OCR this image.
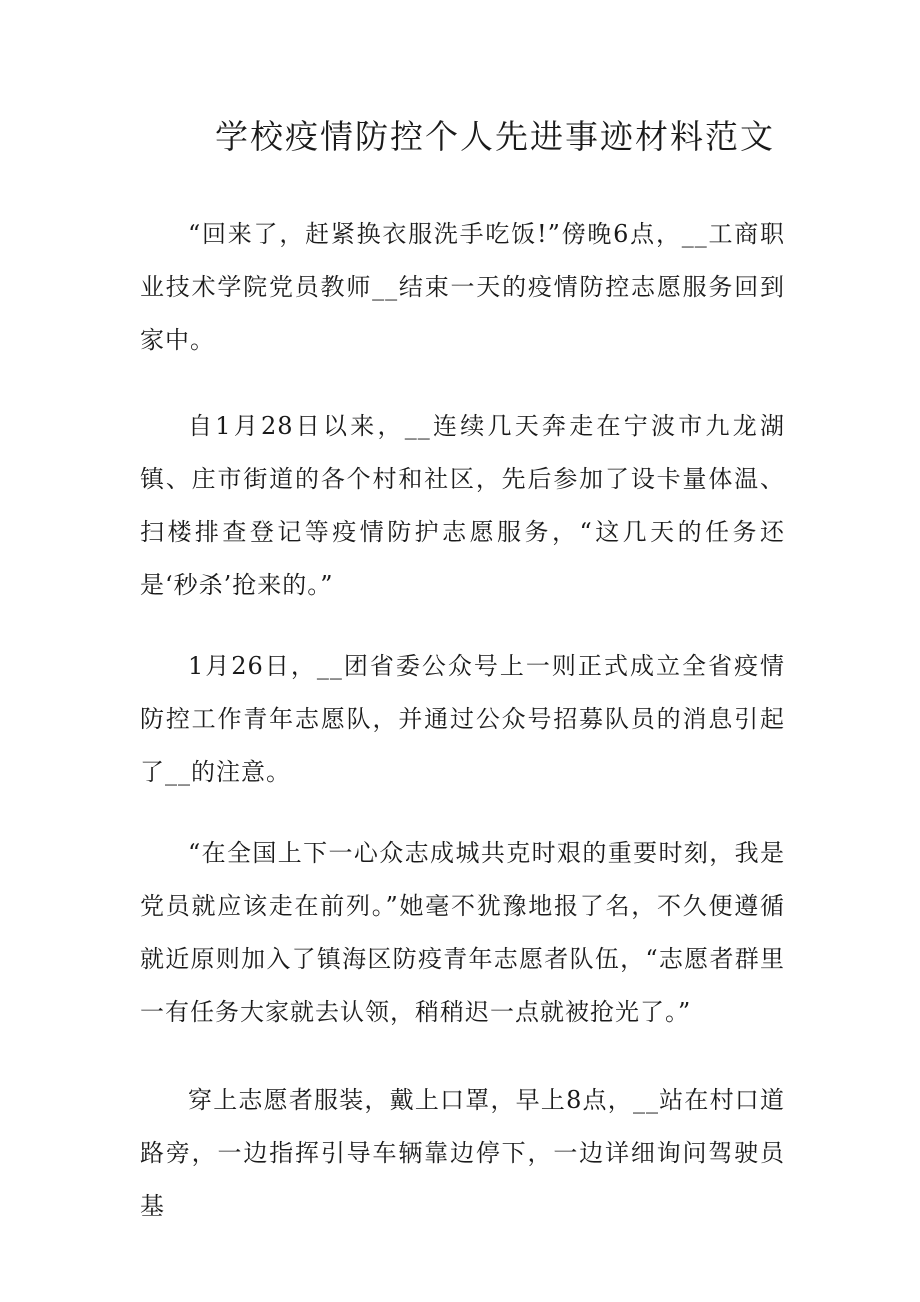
学校疫情防控个人先进事迹材料范文

“回来了，赶紧换衣服洗手吃饭!”傍晚6点，__工商职业技术学院党员教师__结束一天的疫情防控志愿服务回到家中。

自1月28日以来，__连续几天奔走在宁波市九龙湖镇、庄市街道的各个村和社区，先后参加了设卡量体温、扫楼排查登记等疫情防护志愿服务，“这几天的任务还是‘秒杀’抢来的。”

1月26日，__团省委公众号上一则正式成立全省疫情防控工作青年志愿队，并通过公众号招募队员的消息引起了__的注意。

“在全国上下一心众志成城共克时艰的重要时刻，我是党员就应该走在前列。”她毫不犹豫地报了名，不久便遵循就近原则加入了镇海区防疫青年志愿者队伍，“志愿者群里一有任务大家就去认领，稍稍迟一点就被抢光了。”

穿上志愿者服装，戴上口罩，早上8点，__站在村口道路旁，一边指挥引导车辆靠边停下，一边详细询问驾驶员基
